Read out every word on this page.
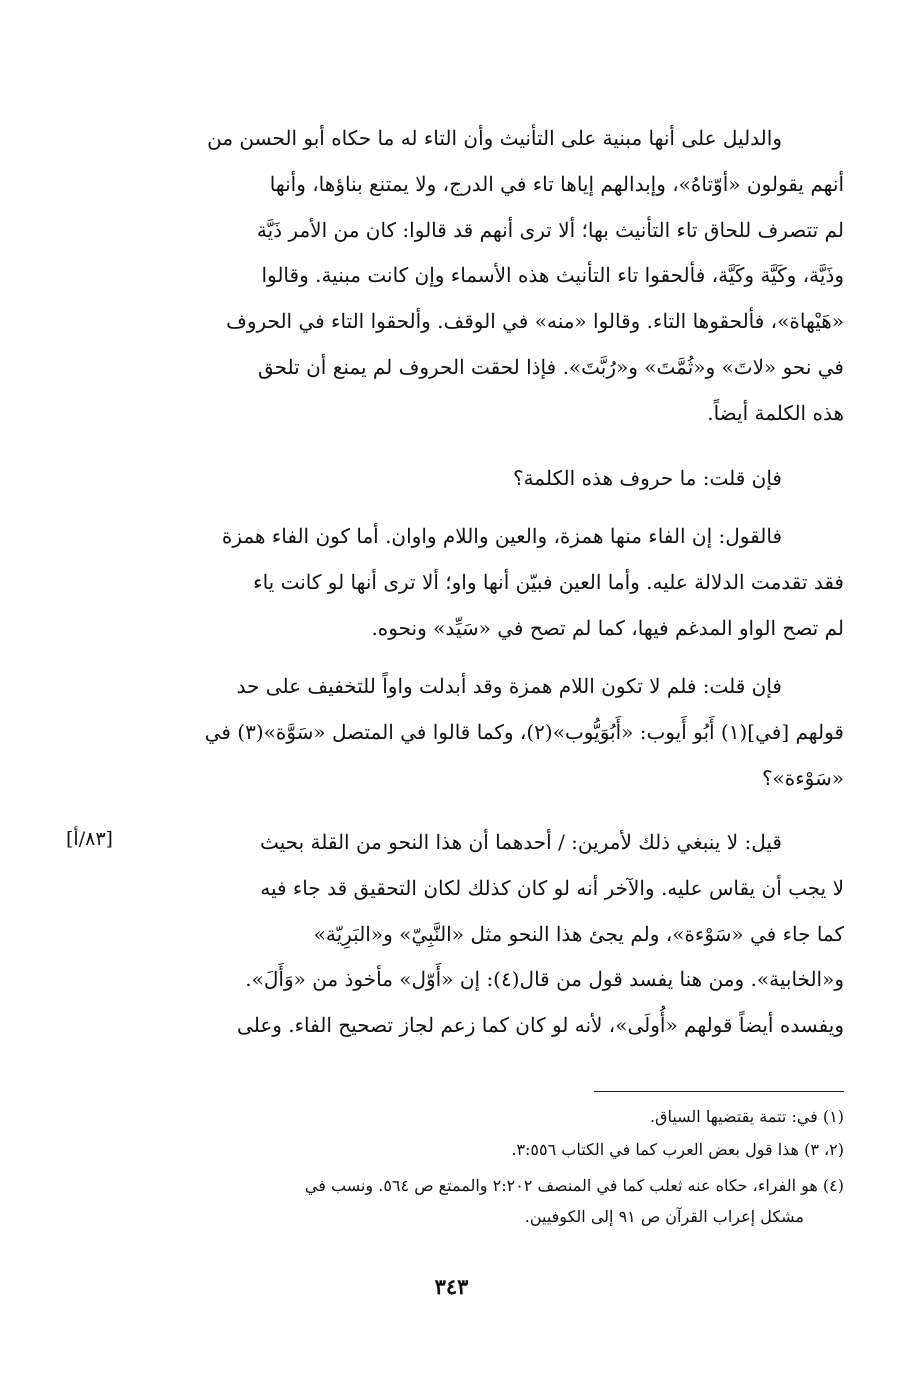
والدليل على أنها مبنية على التأنيث وأن التاء له ما حكاه أبو الحسن من
أنهم يقولون «أوّتاهُ»، وإبدالهم إياها تاء في الدرج، ولا يمتنع بناؤها، وأنها
لم تتصرف للحاق تاء التأنيث بها؛ ألا ترى أنهم قد قالوا: كان من الأمر ذَيَّة
وذَيَّة، وكَيَّة وكَيَّة، فألحقوا تاء التأنيث هذه الأسماء وإن كانت مبنية. وقالوا
«هَيْهاة»، فألحقوها التاء. وقالوا «منه» في الوقف. وألحقوا التاء في الحروف
في نحو «لاتَ» و«ثُمَّتَ» و«رُبَّتَ». فإذا لحقت الحروف لم يمنع أن تلحق
هذه الكلمة أيضاً.

فإن قلت: ما حروف هذه الكلمة؟

فالقول: إن الفاء منها همزة، والعين واللام واوان. أما كون الفاء همزة
فقد تقدمت الدلالة عليه. وأما العين فبيّن أنها واو؛ ألا ترى أنها لو كانت ياء
لم تصح الواو المدغم فيها، كما لم تصح في «سَيِّد» ونحوه.

فإن قلت: فلم لا تكون اللام همزة وقد أبدلت واواً للتخفيف على حد
قولهم [في](١) أَبُو أَيوب: «أَبُوَيُّوب»(٢)، وكما قالوا في المتصل «سَوَّة»(٣) في
«سَوْءة»؟

قيل: لا ينبغي ذلك لأمرين: / أحدهما أن هذا النحو من القلة بحيث
لا يجب أن يقاس عليه. والآخر أنه لو كان كذلك لكان التحقيق قد جاء فيه
كما جاء في «سَوْءة»، ولم يجئ هذا النحو مثل «النَّبِيّ» و«البَرِيّة»
و«الخابية». ومن هنا يفسد قول من قال(٤): إن «أَوّل» مأخوذ من «وَأَلَ».
ويفسده أيضاً قولهم «أُولَى»، لأنه لو كان كما زعم لجاز تصحيح الفاء. وعلى

[٨٣/أ]

(١) في: تتمة يقتضيها السياق.

(٢، ٣) هذا قول بعض العرب كما في الكتاب ٣:٥٥٦.

(٤) هو الفراء، حكاه عنه ثعلب كما في المنصف ٢:٢٠٢ والممتع ص ٥٦٤. ونسب في
مشكل إعراب القرآن ص ٩١ إلى الكوفيين.

٣٤٣
